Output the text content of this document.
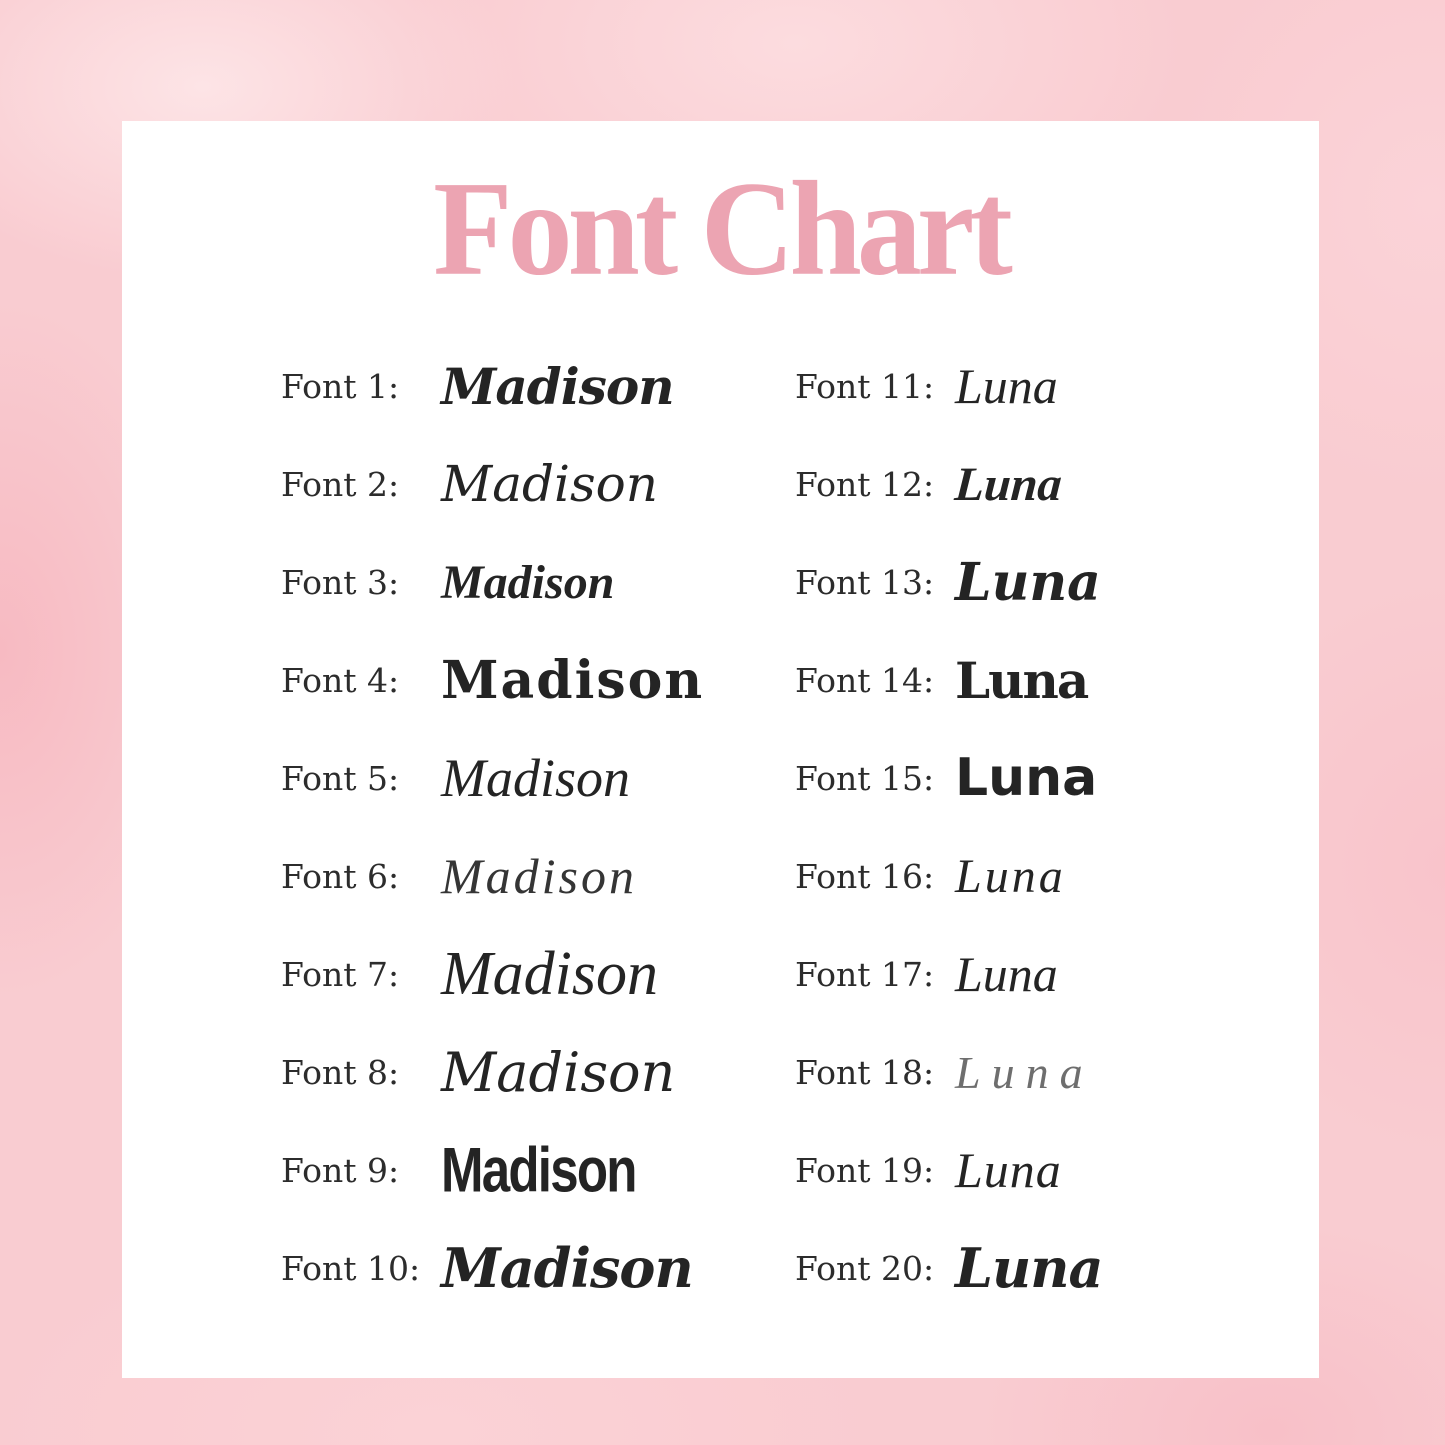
Font Chart
Font 1: Madison
Font 2: Madison
Font 3: Madison
Font 4: Madison
Font 5: Madison
Font 6: Madison
Font 7: Madison
Font 8: Madison
Font 9: Madison
Font 10: Madison
Font 11: Luna
Font 12: Luna
Font 13: Luna
Font 14: Luna
Font 15: Luna
Font 16: Luna
Font 17: Luna
Font 18: Luna
Font 19: Luna
Font 20: Luna
